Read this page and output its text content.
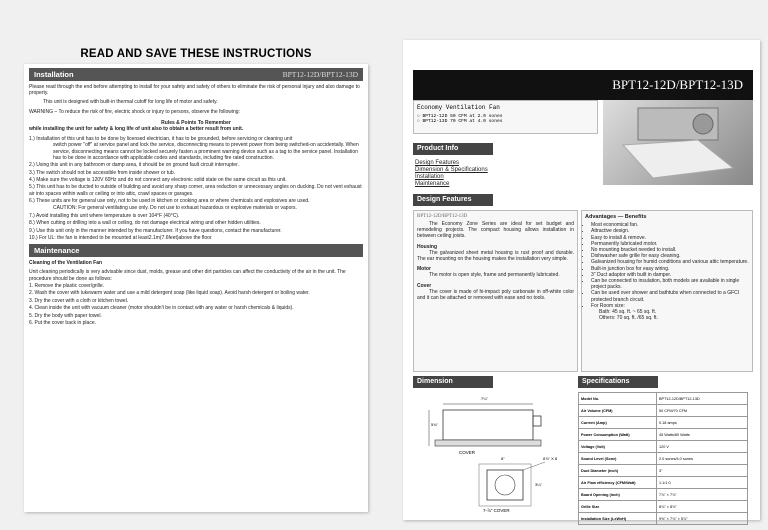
READ AND SAVE THESE INSTRUCTIONS
Installation	BPT12-12D/BPT12-13D

Please read through the end before attempting to install for your safety and safety of others to eliminate the risk of personal injury and also damage to property.

This unit is designed with built-in thermal cutoff for long life of motor and safety.

WARNING – To reduce the risk of fire, electric shock or injury to persons, observe the following:

Rules & Points To Remember

while installing the unit for safety & long life of unit also to obtain a better result from unit.

1.) Installation of this unit has to be done by licensed electrician, it has to be grounded, before servicing or cleaning unit

switch power "off" at service panel and lock the service, disconnecting means to prevent power from being switched-on accidentally. When service, disconnecting means cannot be locked securely fasten a prominent warning device such as a tag to the service panel. Installation has to be done in accordance with applicable codes and standards, including fire rated construction.

2.) Using this unit in any bathroom or damp area, it should be on ground fault circuit interrupter.

3.) The switch should not be accessible from inside shower or tub.

4.) Make sure the voltage is 120V 60Hz and do not connect any electronic solid state on the same circuit as this unit.

5.) This unit has to be ducted to outside of building and avoid any sharp corner, area reduction or unnecessary angles on ducking. Do not vent exhaust air into spaces within walls or ceiling or into attic, crawl spaces or garages.

6.) These units are for general use only, not to be used in kitchen or cooking area or where chemicals and explosives are used.

CAUTION: For general ventilating use only. Do not use to exhaust hazardous or explosive materials or vapors.

7.) Avoid installing this unit where temperature is over 104°F (40°C).

8.) When cutting or drilling into a wall or ceiling, do not damage electrical wiring and other hidden utilities.

9.) Use this unit only in the manner intended by the manufacturer. If you have questions, contact the manufacturer.

10.) For UL: the fan is intended to be mounted at least2.1m(7.6feet)above the floor

Maintenance

Cleaning of the Ventilation Fan

Unit cleaning periodically is very advisable since dust, molds, grease and other dirt particles can affect the conductivity of the air in the unit. The procedure should be done as follows:

1. Remove the plastic cover/grille.

2. Wash the cover with lukewarm water and use a mild detergent soap (like liquid soap). Avoid harsh detergent or boiling water.

3. Dry the cover with a cloth or kitchen towel.

4. Clean inside the unit with vacuum cleaner (motor shouldn't be in contact with any water or harsh chemicals & liquids).

5. Dry the body with paper towel.

6. Put the cover back in place.

BPT12-12D/BPT12-13D
Economy Ventilation Fan
○ BPT12-12D 50 CFM at 2.0 sones
○ BPT12-13D 70 CFM at 4.0 sones
Product Info
Design Features
Dimension & Specifications
Installation
Maintenance
Design Features
BPT12-12D/BPT12-13D
The Economy Zone Series are ideal for set budget and remodeling projects. The compact housing allows installation in between ceiling joists.
Housing
The galvanized sheet metal housing is rust proof and durable. The ear mounting on the housing makes the installation very simple.
Motor
The motor is open style, frame and permanently lubricated.
Cover
The cover is made of hi-impact poly carbonate in off-white color and it can be attached or removed with ease and no tools.
Advantages — Benefits
• Most economical fan.
• Attractive design.
• Easy to install & remove.
• Permanently lubricated motor.
• No mounting bracket needed to install.
• Dishwasher safe grille for easy cleaning.
• Galvanized housing for humid conditions and various attic temperature.
• Built-in junction box for easy wiring.
• 3" Duct adaptor with built in damper.
• Can be connected to insulation, both models are available in single project packs.
• Can be used over shower and bathtubs when connected to a GFCI protected branch circuit.
• For Room size:
Bath: 45 sq. ft. ~ 65 sq. ft.
Others: 70 sq. ft. /65 sq. ft.
Dimension	Specifications
7¼"
5¾"
COVER
8"	8⅞" X 8
3¼"
7-⅞" COVER
Model No.	BPT12-12D/BPT12-13D
Air Volume (CFM)	50 CFM/70 CFM
Current (Amp)	0.18 amps
Power Consumption (Watt)	45 Watts/80 Watts
Voltage (Volt)	120 V
Sound Level (Sone)	2.0 sones/4.0 sones
Duct Diameter (inch)	3"
Air Flow efficiency (CFM/Watt)	1.1/1.0
Board Opening (inch)	7⅞" × 7⅞"
Grille Size	8⅞" × 8⅞"
Installation Size (LxWxH)	9⅝" × 7⅞" × 5⅞"
